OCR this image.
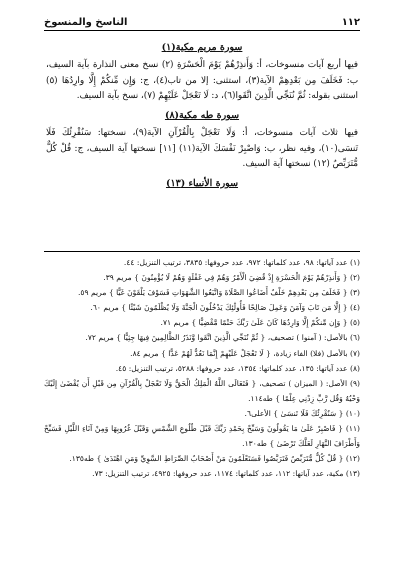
١١٢
الناسخ والمنسوخ
سورة مريم مكية(١)

فيها أربع آيات منسوخات، أ: وَأَنذِرْهُمْ يَوْمَ الْحَسْرَةِ (٢) نسخ معنى النذارة بآية السيف، ب: فَخَلَفَ مِن بَعْدِهِمْ الآية(٣)، استثنى: إلا من تاب(٤)، ج: وَإِن مِّنكُمْ إِلَّا وارِدُهَا (٥) استثنى بقوله: ثُمَّ نُنَجِّي الَّذِينَ اتَّقَوا(٦)، د: لَا تَعْجَلْ عَلَيْهِمْ (٧)، نسخ بآية السيف.

سورة طه مكية(٨)

فيها ثلاث آيات منسوخات، أ: وَلَا تَعْجَلْ بِالْقُرْآنِ الآية(٩)، نسختها: سَنُقْرِئُكَ فَلَا تَنسَى(١٠)، وفيه نظر، ب: وَاصْبِرْ نَفْسَكَ الآية(١١) [١١] نسختها آية السيف، ج: قُلْ كُلٌّ مُّتَرَبِّصٌ (١٢) نسختها آية السيف.

سورة الأنبياء (١٣)

(١) عدد آياتها: ٩٨، عدد كلماتها: ٩٧٢، عدد حروفها: ٣٨٣٥، ترتيب التنزيل: ٤٤.

(٢) { وَأَنذِرْهُمْ يَوْمَ الْحَسْرَةِ إِذْ قُضِيَ الْأَمْرُ وَهُمْ فِي غَفْلَةٍ وَهُمْ لَا يُؤْمِنُونَ } مريم ٣٩.

(٣) { فَخَلَفَ مِن بَعْدِهِمْ خَلْفٌ أَضَاعُوا الصَّلَاةَ وَاتَّبَعُوا الشَّهَوَاتِ فَسَوْفَ يَلْقَوْنَ غَيًّا } مريم ٥٩.

(٤) { إِلَّا مَن تَابَ وَآمَنَ وَعَمِلَ صَالِحًا فَأُولَٰئِكَ يَدْخُلُونَ الْجَنَّةَ وَلَا يُظْلَمُونَ شَيْئًا } مريم ٦٠.

(٥) { وَإِن مِّنكُمْ إِلَّا وَارِدُهَا كَانَ عَلَىٰ رَبِّكَ حَتْمًا مَّقْضِيًّا } مريم ٧١.

(٦) بالأصل: ( آمنوا ) تصحيف، { ثُمَّ نُنَجِّي الَّذِينَ اتَّقَوا وَّنَذَرُ الظَّالِمِينَ فِيهَا جِثِيًّا } مريم ٧٢.

(٧) بالأصل (فلا) الفاء زيادة، { لَا تَعْجَلْ عَلَيْهِمْ إِنَّمَا نَعُدُّ لَهُمْ عَدًّا } مريم ٨٤.

(٨) عدد آياتها: ١٣٥، عدد كلماتها: ١٣٥٤، عدد حروفها: ٥٢٨٨، ترتيب التنزيل: ٤٥.

(٩) الأصل: ( الميزان ) تصحيف، { فَتَعَالَى اللَّهُ الْمَلِكُ الْحَقُّ وَلَا تَعْجَلْ بِالْقُرْآنِ مِن قَبْلِ أَن يُقْضَىٰ إِلَيْكَ وَحْيُهُ وَقُل رَّبِّ زِدْنِي عِلْمًا } طه١١٤.

(١٠) { سَنُقْرِئُكَ فَلَا تَنسَىٰ } الأعلى٦.

(١١) { فَاصْبِرْ عَلَىٰ مَا يَقُولُونَ وَسَبِّحْ بِحَمْدِ رَبِّكَ قَبْلَ طُلُوعِ الشَّمْسِ وَقَبْلَ غُرُوبِهَا وَمِنْ آنَاءِ اللَّيْلِ فَسَبِّحْ وَأَطْرَافَ النَّهَارِ لَعَلَّكَ تَرْضَىٰ } طه١٣٠.

(١٢) { قُلْ كُلٌّ مُّتَرَبِّصٌ فَتَرَبَّصُوا فَسَتَعْلَمُونَ مَنْ أَصْحَابُ الصِّرَاطِ السَّوِيِّ وَمَنِ اهْتَدَىٰ } طه١٣٥.

(١٣) مكية، عدد آياتها: ١١٢، عدد كلماتها: ١١٧٤، عدد حروفها: ٤٩٢٥، ترتيب التنزيل: ٧٣.
